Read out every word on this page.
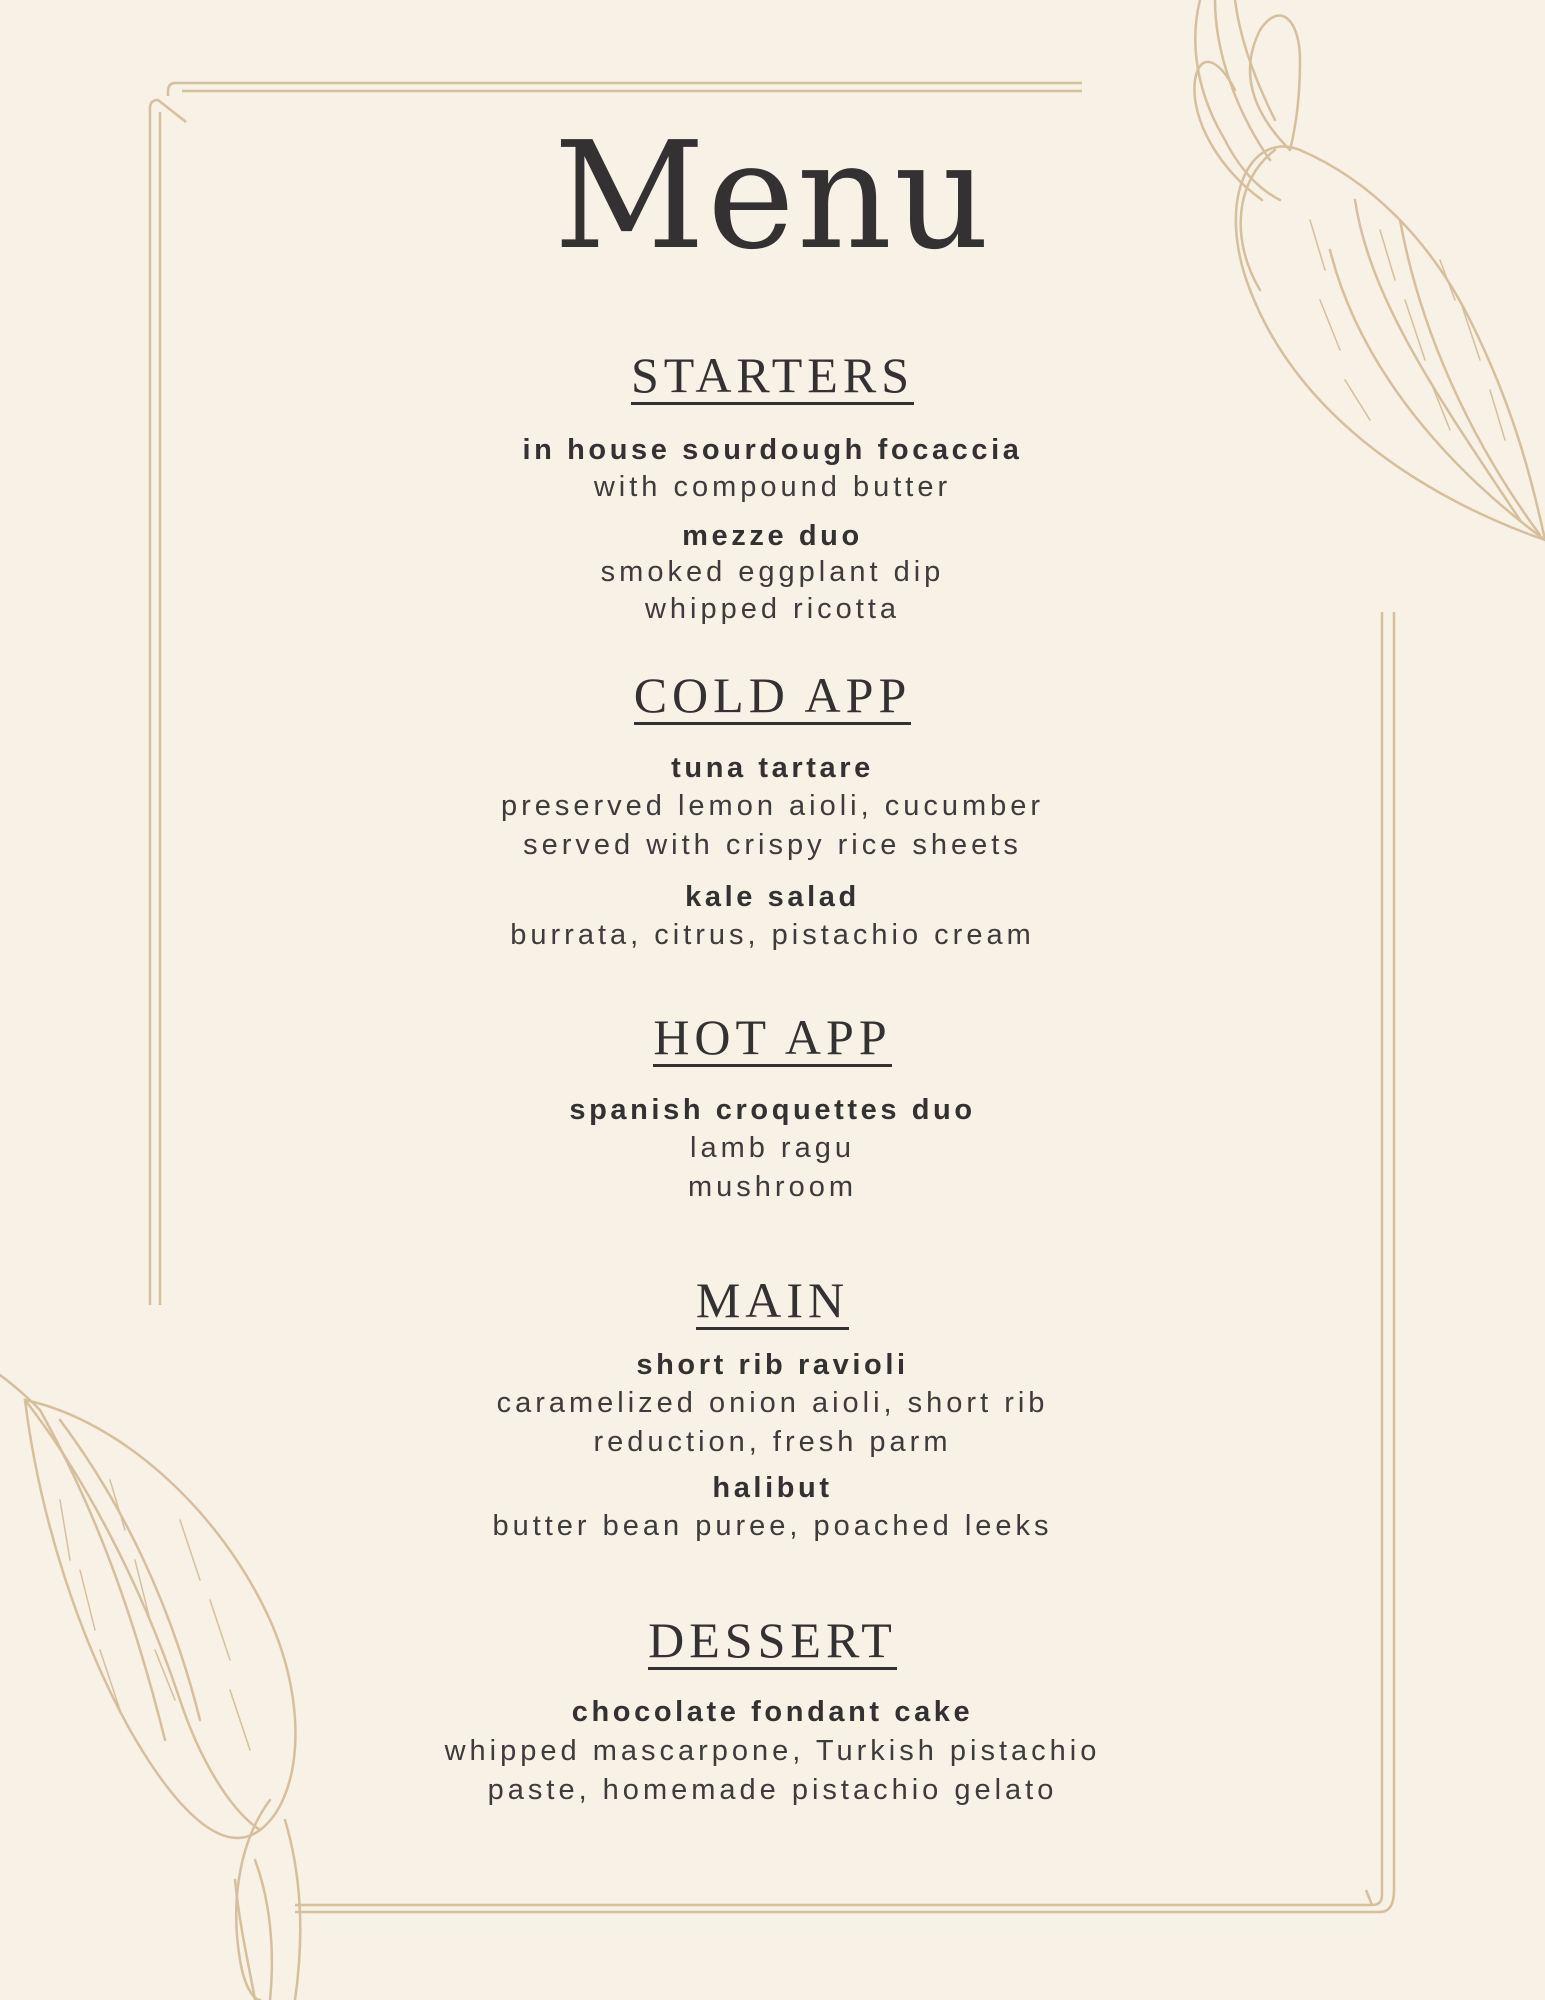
Menu
STARTERS
in house sourdough focaccia
with compound butter
mezze duo
smoked eggplant dip
whipped ricotta
COLD APP
tuna tartare
preserved lemon aioli, cucumber
served with crispy rice sheets
kale salad
burrata, citrus, pistachio cream
HOT APP
spanish croquettes duo
lamb ragu
mushroom
MAIN
short rib ravioli
caramelized onion aioli, short rib
reduction, fresh parm
halibut
butter bean puree, poached leeks
DESSERT
chocolate fondant cake
whipped mascarpone, Turkish pistachio
paste, homemade pistachio gelato
